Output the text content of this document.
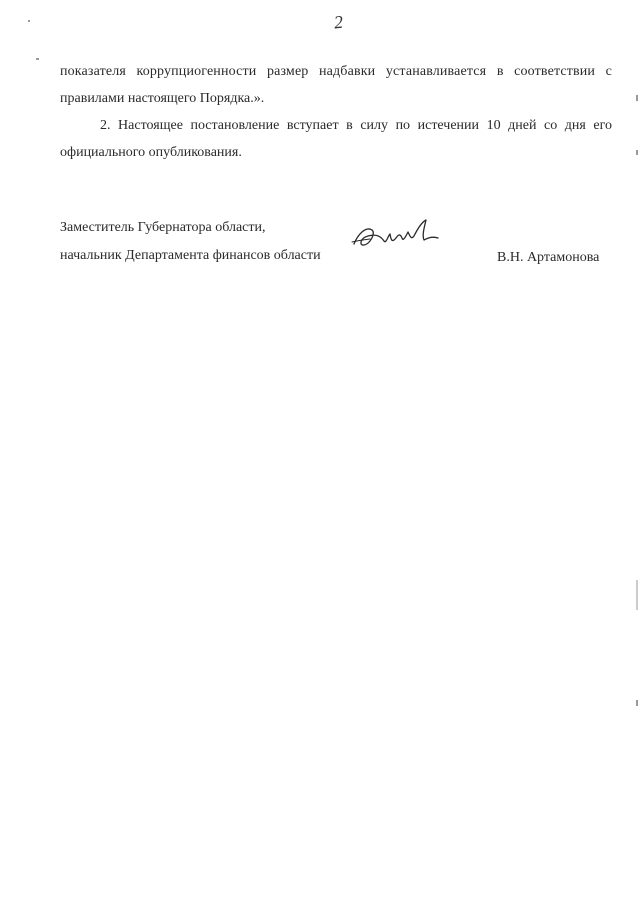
2
показателя коррупциогенности размер надбавки устанавливается в соответствии с
правилами настоящего Порядка.».
2. Настоящее постановление вступает в силу по истечении 10 дней со дня его
официального опубликования.
Заместитель Губернатора области,
начальник Департамента финансов области	В.Н. Артамонова
